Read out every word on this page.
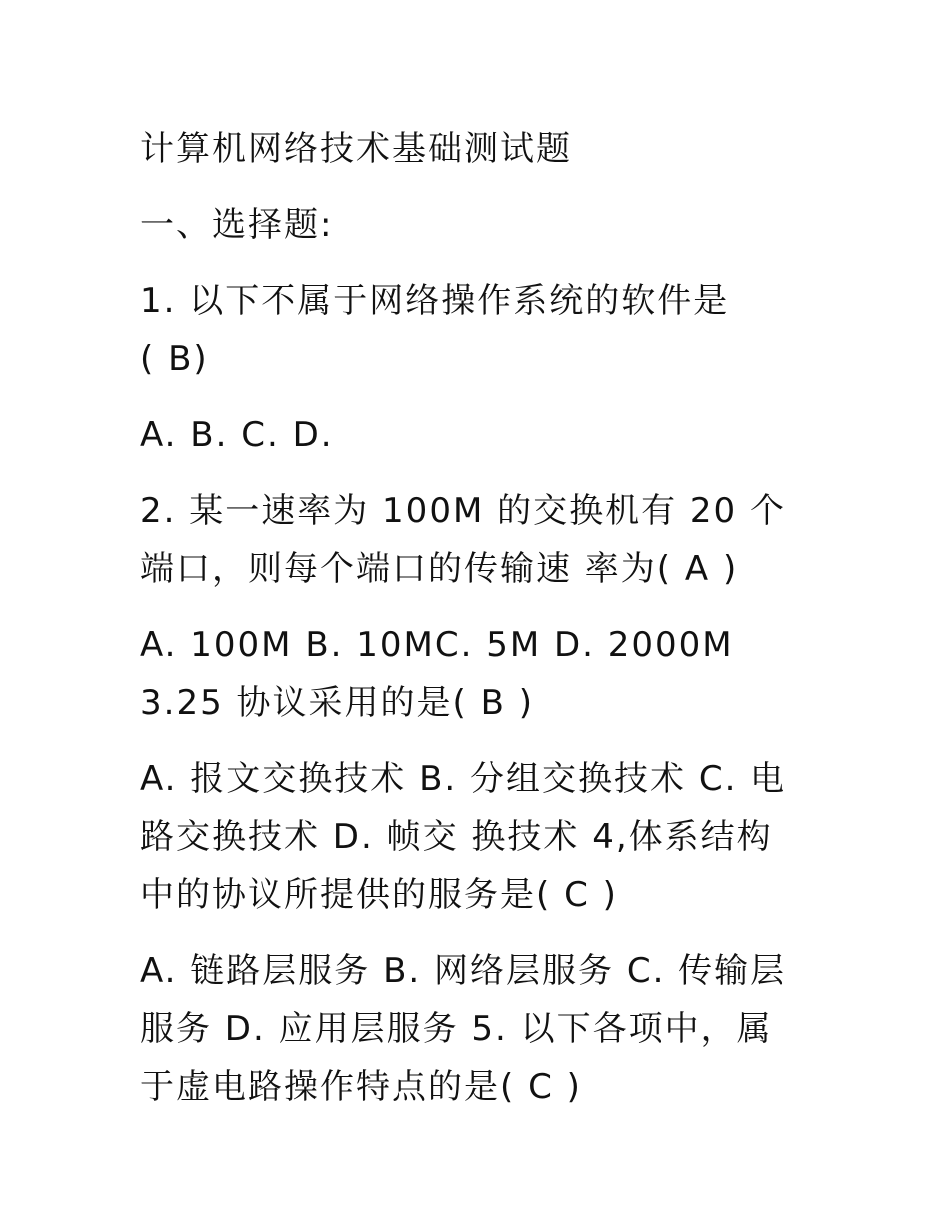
计算机网络技术基础测试题
一、选择题:
1. 以下不属于网络操作系统的软件是
( B)
A. B. C. D.
2. 某一速率为 100M 的交换机有 20 个
端口，则每个端口的传输速 率为( A )
A. 100M B. 10MC. 5M D. 2000M
3.25 协议采用的是( B )
A. 报文交换技术 B. 分组交换技术 C. 电
路交换技术 D. 帧交 换技术 4,体系结构
中的协议所提供的服务是( C )
A. 链路层服务 B. 网络层服务 C. 传输层
服务 D. 应用层服务 5. 以下各项中，属
于虚电路操作特点的是( C )
